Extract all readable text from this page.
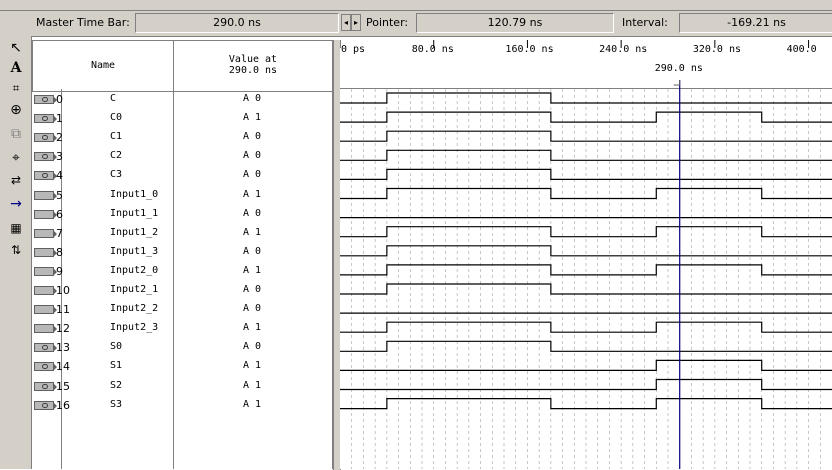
Master Time Bar:	290.0 ns	◂ ▸ Pointer:	120.79 ns	Interval:	-169.21 ns
↖
A
⌗
⊕
⧉
⌖
⇄
→
▦
⇅
Name
Value at
290.0 ns
0	C	A 0
1	C0	A 1
2	C1	A 0
3	C2	A 0
4	C3	A 0
5	Input1_0	A 1
6	Input1_1	A 0
7	Input1_2	A 1
8	Input1_3	A 0
9	Input2_0	A 1
10	Input2_1	A 0
11	Input2_2	A 0
12	Input2_3	A 1
13	S0	A 0
14	S1	A 1
15	S2	A 1
16	S3	A 1
0 ps	80.0 ns	160.0 ns	240.0 ns	320.0 ns	400.0
290.0 ns
